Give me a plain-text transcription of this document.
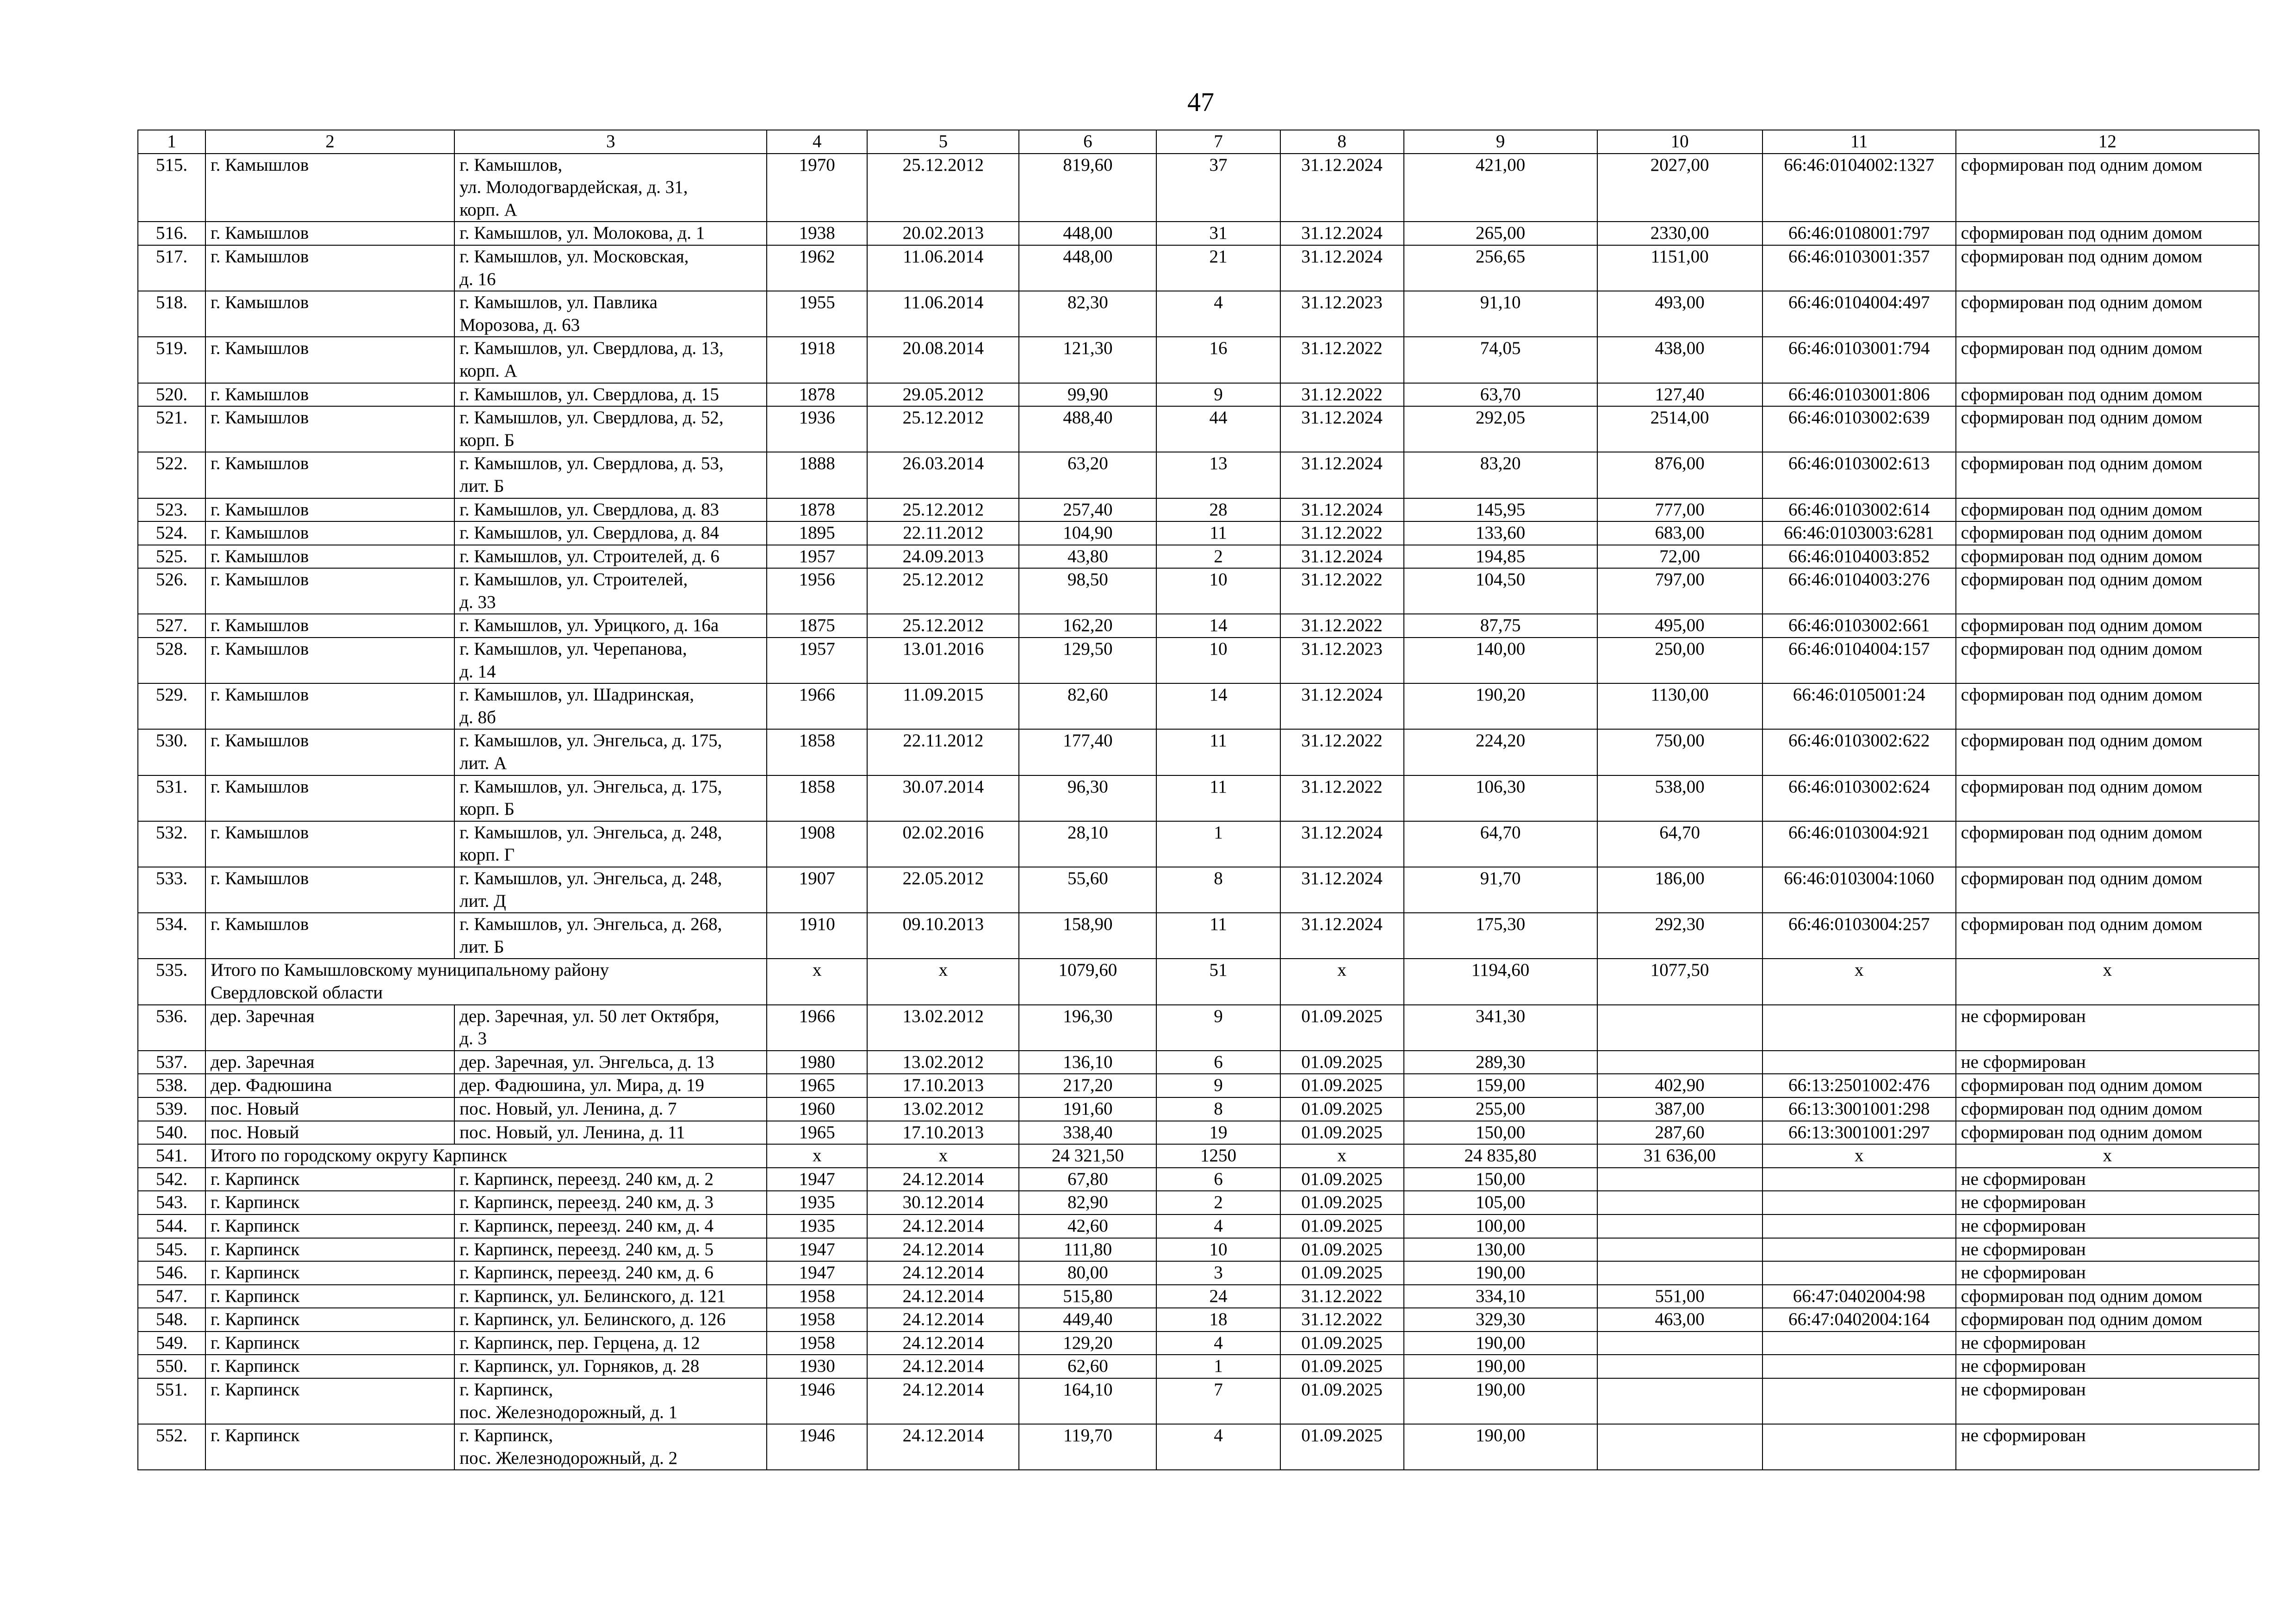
47
1	2	3	4	5	6	7	8	9	10	11	12
515.	г. Камышлов	г. Камышлов,
ул. Молодогвардейская, д. 31,
корп. А	1970	25.12.2012	819,60	37	31.12.2024	421,00	2027,00	66:46:0104002:1327	сформирован под одним домом
516.	г. Камышлов	г. Камышлов, ул. Молокова, д. 1	1938	20.02.2013	448,00	31	31.12.2024	265,00	2330,00	66:46:0108001:797	сформирован под одним домом
517.	г. Камышлов	г. Камышлов, ул. Московская,
д. 16	1962	11.06.2014	448,00	21	31.12.2024	256,65	1151,00	66:46:0103001:357	сформирован под одним домом
518.	г. Камышлов	г. Камышлов, ул. Павлика
Морозова, д. 63	1955	11.06.2014	82,30	4	31.12.2023	91,10	493,00	66:46:0104004:497	сформирован под одним домом
519.	г. Камышлов	г. Камышлов, ул. Свердлова, д. 13,
корп. А	1918	20.08.2014	121,30	16	31.12.2022	74,05	438,00	66:46:0103001:794	сформирован под одним домом
520.	г. Камышлов	г. Камышлов, ул. Свердлова, д. 15	1878	29.05.2012	99,90	9	31.12.2022	63,70	127,40	66:46:0103001:806	сформирован под одним домом
521.	г. Камышлов	г. Камышлов, ул. Свердлова, д. 52,
корп. Б	1936	25.12.2012	488,40	44	31.12.2024	292,05	2514,00	66:46:0103002:639	сформирован под одним домом
522.	г. Камышлов	г. Камышлов, ул. Свердлова, д. 53,
лит. Б	1888	26.03.2014	63,20	13	31.12.2024	83,20	876,00	66:46:0103002:613	сформирован под одним домом
523.	г. Камышлов	г. Камышлов, ул. Свердлова, д. 83	1878	25.12.2012	257,40	28	31.12.2024	145,95	777,00	66:46:0103002:614	сформирован под одним домом
524.	г. Камышлов	г. Камышлов, ул. Свердлова, д. 84	1895	22.11.2012	104,90	11	31.12.2022	133,60	683,00	66:46:0103003:6281	сформирован под одним домом
525.	г. Камышлов	г. Камышлов, ул. Строителей, д. 6	1957	24.09.2013	43,80	2	31.12.2024	194,85	72,00	66:46:0104003:852	сформирован под одним домом
526.	г. Камышлов	г. Камышлов, ул. Строителей,
д. 33	1956	25.12.2012	98,50	10	31.12.2022	104,50	797,00	66:46:0104003:276	сформирован под одним домом
527.	г. Камышлов	г. Камышлов, ул. Урицкого, д. 16а	1875	25.12.2012	162,20	14	31.12.2022	87,75	495,00	66:46:0103002:661	сформирован под одним домом
528.	г. Камышлов	г. Камышлов, ул. Черепанова,
д. 14	1957	13.01.2016	129,50	10	31.12.2023	140,00	250,00	66:46:0104004:157	сформирован под одним домом
529.	г. Камышлов	г. Камышлов, ул. Шадринская,
д. 8б	1966	11.09.2015	82,60	14	31.12.2024	190,20	1130,00	66:46:0105001:24	сформирован под одним домом
530.	г. Камышлов	г. Камышлов, ул. Энгельса, д. 175,
лит. А	1858	22.11.2012	177,40	11	31.12.2022	224,20	750,00	66:46:0103002:622	сформирован под одним домом
531.	г. Камышлов	г. Камышлов, ул. Энгельса, д. 175,
корп. Б	1858	30.07.2014	96,30	11	31.12.2022	106,30	538,00	66:46:0103002:624	сформирован под одним домом
532.	г. Камышлов	г. Камышлов, ул. Энгельса, д. 248,
корп. Г	1908	02.02.2016	28,10	1	31.12.2024	64,70	64,70	66:46:0103004:921	сформирован под одним домом
533.	г. Камышлов	г. Камышлов, ул. Энгельса, д. 248,
лит. Д	1907	22.05.2012	55,60	8	31.12.2024	91,70	186,00	66:46:0103004:1060	сформирован под одним домом
534.	г. Камышлов	г. Камышлов, ул. Энгельса, д. 268,
лит. Б	1910	09.10.2013	158,90	11	31.12.2024	175,30	292,30	66:46:0103004:257	сформирован под одним домом
535.	Итого по Камышловскому муниципальному району
Свердловской области		х	х	1079,60	51	х	1194,60	1077,50	х	х
536.	дер. Заречная	дер. Заречная, ул. 50 лет Октября,
д. 3	1966	13.02.2012	196,30	9	01.09.2025	341,30			не сформирован
537.	дер. Заречная	дер. Заречная, ул. Энгельса, д. 13	1980	13.02.2012	136,10	6	01.09.2025	289,30			не сформирован
538.	дер. Фадюшина	дер. Фадюшина, ул. Мира, д. 19	1965	17.10.2013	217,20	9	01.09.2025	159,00	402,90	66:13:2501002:476	сформирован под одним домом
539.	пос. Новый	пос. Новый, ул. Ленина, д. 7	1960	13.02.2012	191,60	8	01.09.2025	255,00	387,00	66:13:3001001:298	сформирован под одним домом
540.	пос. Новый	пос. Новый, ул. Ленина, д. 11	1965	17.10.2013	338,40	19	01.09.2025	150,00	287,60	66:13:3001001:297	сформирован под одним домом
541.	Итого по городскому округу Карпинск		х	х	24 321,50	1250	х	24 835,80	31 636,00	х	х
542.	г. Карпинск	г. Карпинск, переезд. 240 км, д. 2	1947	24.12.2014	67,80	6	01.09.2025	150,00			не сформирован
543.	г. Карпинск	г. Карпинск, переезд. 240 км, д. 3	1935	30.12.2014	82,90	2	01.09.2025	105,00			не сформирован
544.	г. Карпинск	г. Карпинск, переезд. 240 км, д. 4	1935	24.12.2014	42,60	4	01.09.2025	100,00			не сформирован
545.	г. Карпинск	г. Карпинск, переезд. 240 км, д. 5	1947	24.12.2014	111,80	10	01.09.2025	130,00			не сформирован
546.	г. Карпинск	г. Карпинск, переезд. 240 км, д. 6	1947	24.12.2014	80,00	3	01.09.2025	190,00			не сформирован
547.	г. Карпинск	г. Карпинск, ул. Белинского, д. 121	1958	24.12.2014	515,80	24	31.12.2022	334,10	551,00	66:47:0402004:98	сформирован под одним домом
548.	г. Карпинск	г. Карпинск, ул. Белинского, д. 126	1958	24.12.2014	449,40	18	31.12.2022	329,30	463,00	66:47:0402004:164	сформирован под одним домом
549.	г. Карпинск	г. Карпинск, пер. Герцена, д. 12	1958	24.12.2014	129,20	4	01.09.2025	190,00			не сформирован
550.	г. Карпинск	г. Карпинск, ул. Горняков, д. 28	1930	24.12.2014	62,60	1	01.09.2025	190,00			не сформирован
551.	г. Карпинск	г. Карпинск,
пос. Железнодорожный, д. 1	1946	24.12.2014	164,10	7	01.09.2025	190,00			не сформирован
552.	г. Карпинск	г. Карпинск,
пос. Железнодорожный, д. 2	1946	24.12.2014	119,70	4	01.09.2025	190,00			не сформирован
